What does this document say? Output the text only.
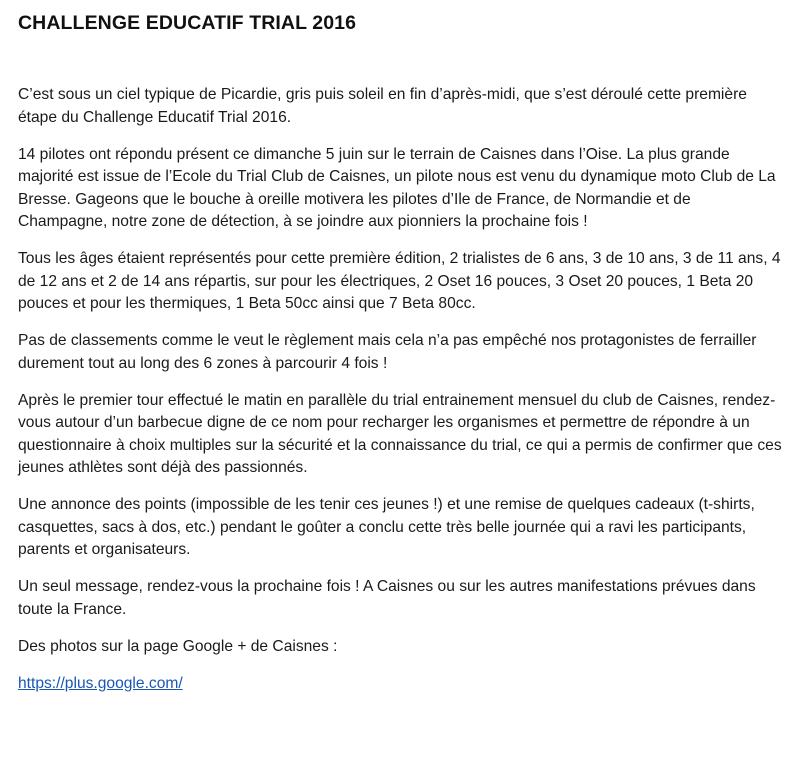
CHALLENGE EDUCATIF TRIAL 2016

C’est sous un ciel typique de Picardie, gris puis soleil en fin d’après-midi, que s’est déroulé cette première étape du Challenge Educatif Trial 2016.

14 pilotes ont répondu présent ce dimanche 5 juin sur le terrain de Caisnes dans l’Oise. La plus grande majorité est issue de l’Ecole du Trial Club de Caisnes, un pilote nous est venu du dynamique moto Club de La Bresse. Gageons que le bouche à oreille motivera les pilotes d’Ile de France, de Normandie et de Champagne, notre zone de détection, à se joindre aux pionniers la prochaine fois !

Tous les âges étaient représentés pour cette première édition, 2 trialistes de 6 ans, 3 de 10 ans, 3 de 11 ans, 4 de 12 ans et 2 de 14 ans répartis, sur pour les électriques, 2 Oset 16 pouces, 3 Oset 20 pouces, 1 Beta 20 pouces et pour les thermiques, 1 Beta 50cc ainsi que 7 Beta 80cc.

Pas de classements comme le veut le règlement mais cela n’a pas empêché nos protagonistes de ferrailler durement tout au long des 6 zones à parcourir 4 fois !

Après le premier tour effectué le matin en parallèle du trial entrainement mensuel du club de Caisnes, rendez-vous autour d’un barbecue digne de ce nom pour recharger les organismes et permettre de répondre à un questionnaire à choix multiples sur la sécurité et la connaissance du trial, ce qui a permis de confirmer que ces jeunes athlètes sont déjà des passionnés.

Une annonce des points (impossible de les tenir ces jeunes !) et une remise de quelques cadeaux (t-shirts, casquettes, sacs à dos, etc.) pendant le goûter a conclu cette très belle journée qui a ravi les participants, parents et organisateurs.

Un seul message, rendez-vous la prochaine fois ! A Caisnes ou sur les autres manifestations prévues dans toute la France.

Des photos sur la page Google + de Caisnes :

https://plus.google.com/
